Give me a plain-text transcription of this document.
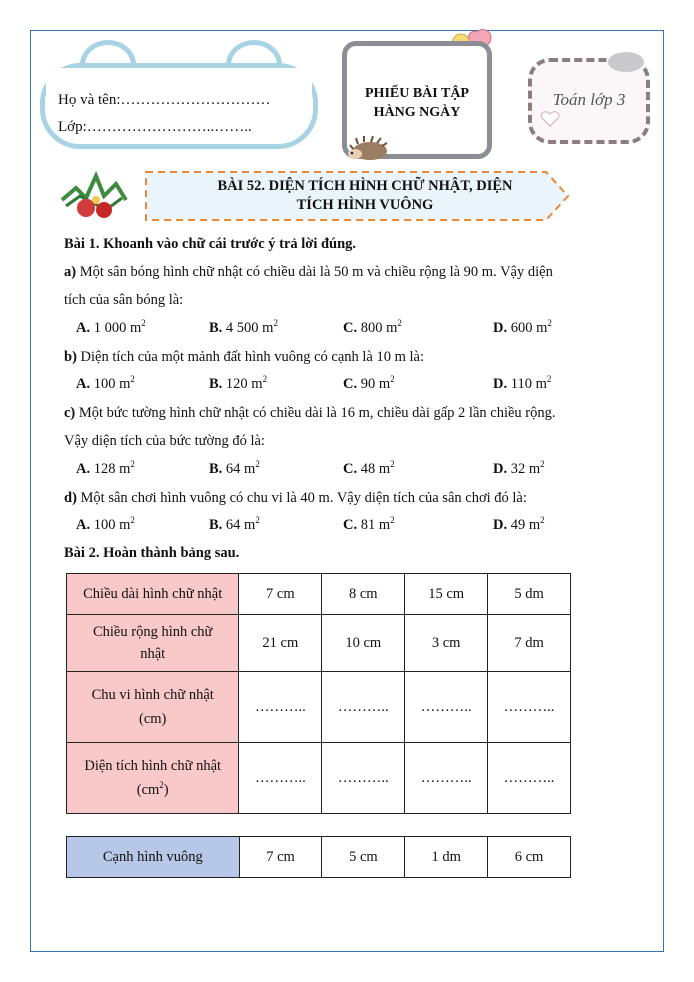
Họ và tên:…………………………
Lớp:……………………..……..
PHIẾU BÀI TẬP
HÀNG NGÀY
Toán lớp 3
BÀI 52. DIỆN TÍCH HÌNH CHỮ NHẬT, DIỆN
TÍCH HÌNH VUÔNG
Bài 1. Khoanh vào chữ cái trước ý trả lời đúng.
a) Một sân bóng hình chữ nhật có chiều dài là 50 m và chiều rộng là 90 m. Vậy diện
tích của sân bóng là:
A. 1 000 $m^2$	B. 4 500 $m^2$	C. 800 $m^2$	D. 600 $m^2$
b) Diện tích của một mảnh đất hình vuông có cạnh là 10 m là:
A. 100 $m^2$	B. 120 $m^2$	C. 90 $m^2$	D. 110 $m^2$
c) Một bức tường hình chữ nhật có chiều dài là 16 m, chiều dài gấp 2 lần chiều rộng.
Vậy diện tích của bức tường đó là:
A. 128 $m^2$	B. 64 $m^2$	C. 48 $m^2$	D. 32 $m^2$
d) Một sân chơi hình vuông có chu vi là 40 m. Vậy diện tích của sân chơi đó là:
A. 100 $m^2$	B. 64 $m^2$	C. 81 $m^2$	D. 49 $m^2$
Bài 2. Hoàn thành bảng sau.
Chiều dài hình chữ nhật	7 cm	8 cm	15 cm	5 dm

Chiều rộng hình chữ
nhật	21 cm	10 cm	3 cm	7 dm

Chu vi hình chữ nhật
(cm)	………..	………..	………..	………..

Diện tích hình chữ nhật
$(cm^2)$	………..	………..	………..	………..
Cạnh hình vuông	7 cm	5 cm	1 dm	6 cm
